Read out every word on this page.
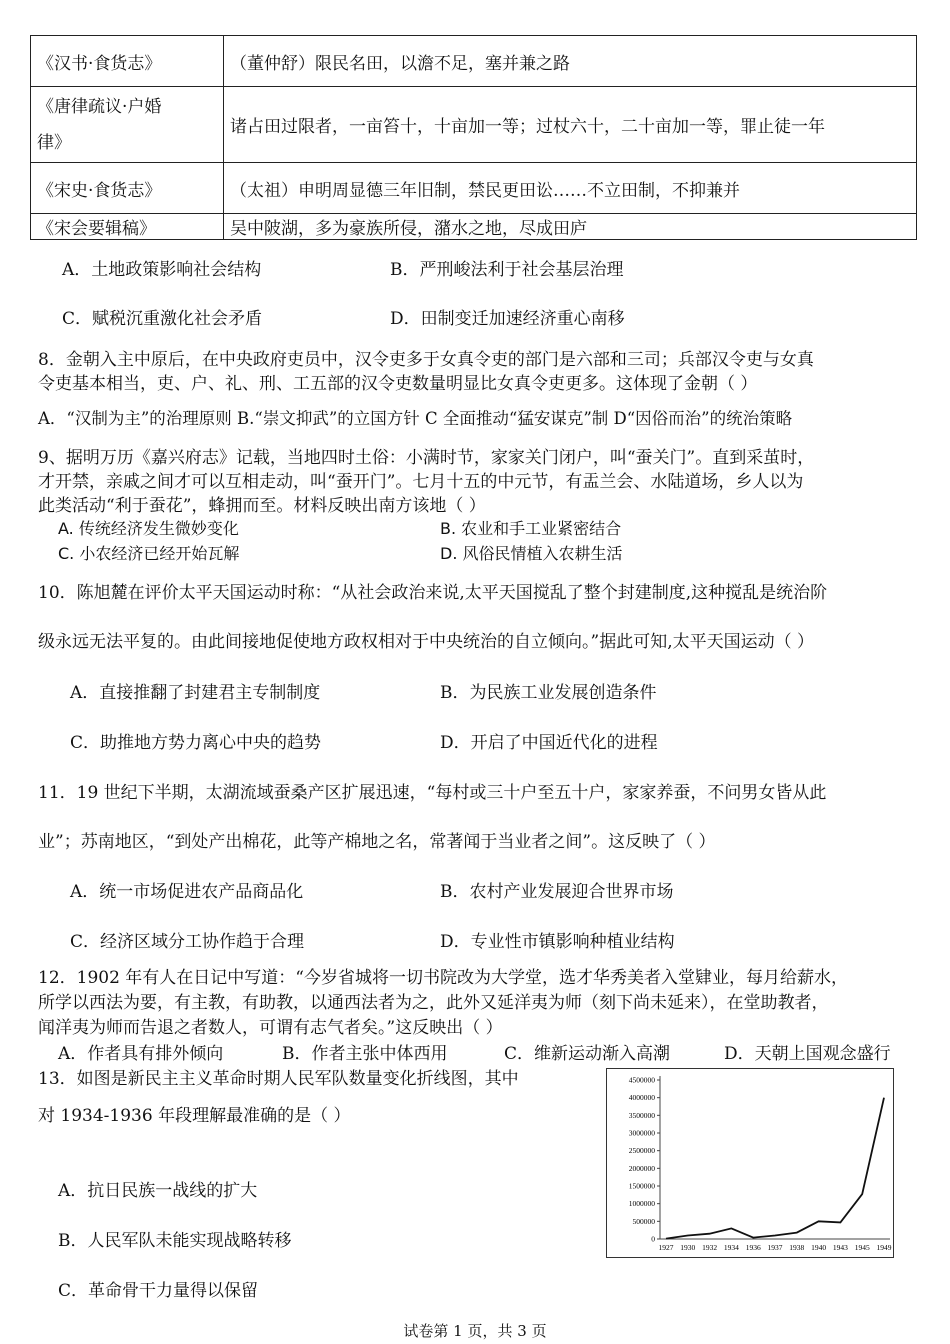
《汉书·食货志》	（董仲舒）限民名田，以澹不足，塞并兼之路

《唐律疏议·户婚
律》	诸占田过限者，一亩笞十，十亩加一等；过杖六十，二十亩加一等，罪止徒一年
《宋史·食货志》	（太祖）申明周显德三年旧制，禁民更田讼……不立田制，不抑兼并
《宋会要辑稿》	吴中陂湖，多为豪族所侵，潴水之地，尽成田庐
A．土地政策影响社会结构	B．严刑峻法利于社会基层治理
C．赋税沉重激化社会矛盾	D．田制变迁加速经济重心南移
8．金朝入主中原后，在中央政府吏员中，汉令吏多于女真令吏的部门是六部和三司；兵部汉令吏与女真
令吏基本相当，吏、户、礼、刑、工五部的汉令吏数量明显比女真令吏更多。这体现了金朝（ ）
A．“汉制为主”的治理原则 B.“崇文抑武”的立国方针 C 全面推动“猛安谋克”制 D“因俗而治”的统治策略
9、据明万历《嘉兴府志》记载，当地四时土俗：小满时节，家家关门闭户，叫“蚕关门”。直到采茧时，
才开禁，亲戚之间才可以互相走动，叫“蚕开门”。七月十五的中元节，有盂兰会、水陆道场，乡人以为
此类活动“利于蚕花”，蜂拥而至。材料反映出南方该地（ ）
A. 传统经济发生微妙变化	B. 农业和手工业紧密结合
C. 小农经济已经开始瓦解	D. 风俗民情植入农耕生活
10．陈旭麓在评价太平天国运动时称：“从社会政治来说,太平天国搅乱了整个封建制度,这种搅乱是统治阶
级永远无法平复的。由此间接地促使地方政权相对于中央统治的自立倾向。”据此可知,太平天国运动（ ）
A．直接推翻了封建君主专制制度	B．为民族工业发展创造条件
C．助推地方势力离心中央的趋势	D．开启了中国近代化的进程
11．19 世纪下半期，太湖流域蚕桑产区扩展迅速，“每村或三十户至五十户，家家养蚕，不问男女皆从此
业”；苏南地区，“到处产出棉花，此等产棉地之名，常著闻于当业者之间”。这反映了（ ）
A．统一市场促进农产品商品化	B．农村产业发展迎合世界市场
C．经济区域分工协作趋于合理	D．专业性市镇影响种植业结构
12．1902 年有人在日记中写道：“今岁省城将一切书院改为大学堂，选才华秀美者入堂肄业，每月给薪水，
所学以西法为要，有主教，有助教，以通西法者为之，此外又延洋夷为师（刻下尚未延来），在堂助教者，
闻洋夷为师而告退之者数人，可谓有志气者矣。”这反映出（ ）
A．作者具有排外倾向	B．作者主张中体西用	C．维新运动渐入高潮	D．天朝上国观念盛行
13．如图是新民主主义革命时期人民军队数量变化折线图，其中
对 1934-1936 年段理解最准确的是（ ）
A．抗日民族一战线的扩大
B．人民军队未能实现战略转移
C．革命骨干力量得以保留
0
500000
1000000
1500000
2000000
2500000
3000000
3500000
4000000
4500000
1927 1930 1932 1934 1936 1937 1938 1940 1943 1945 1949
试卷第 1 页，共 3 页
